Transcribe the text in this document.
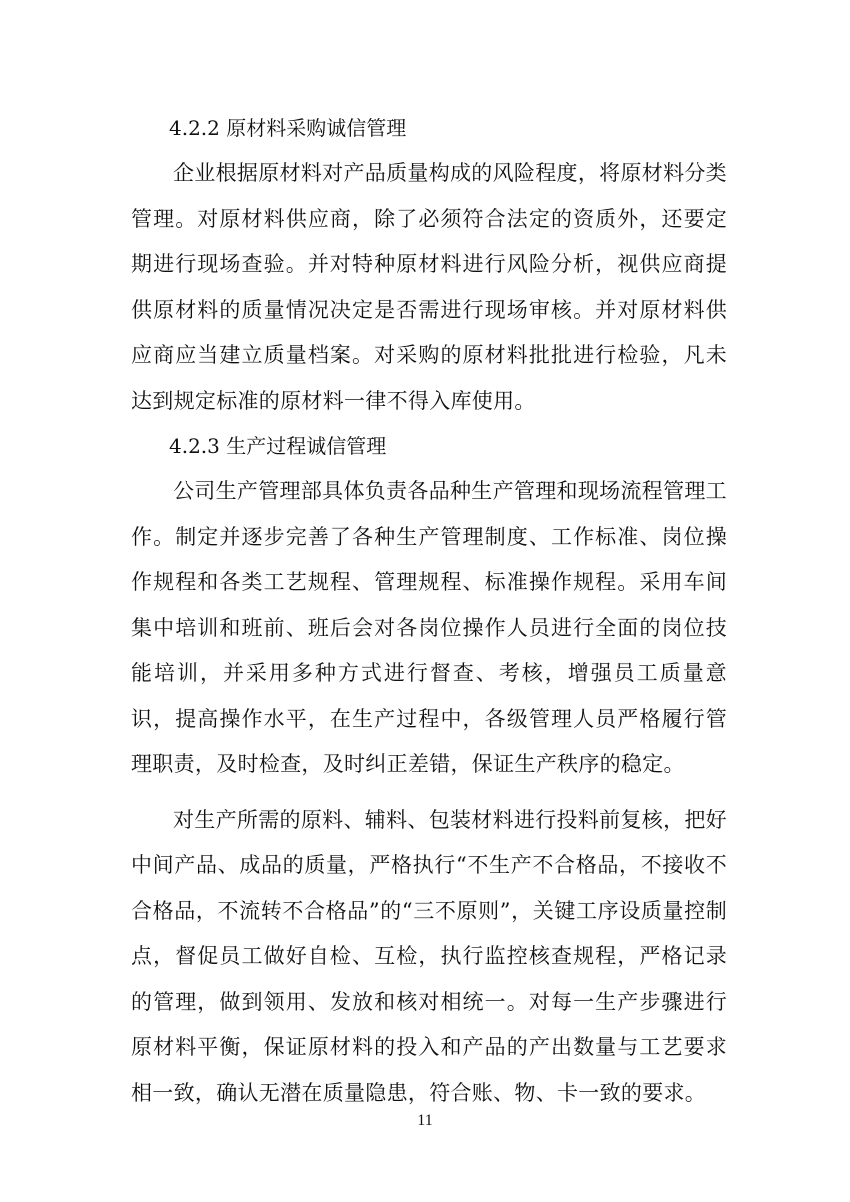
4.2.2 原材料采购诚信管理

企业根据原材料对产品质量构成的风险程度，将原材料分类管理。对原材料供应商，除了必须符合法定的资质外，还要定期进行现场查验。并对特种原材料进行风险分析，视供应商提供原材料的质量情况决定是否需进行现场审核。并对原材料供应商应当建立质量档案。对采购的原材料批批进行检验，凡未达到规定标准的原材料一律不得入库使用。

4.2.3 生产过程诚信管理

公司生产管理部具体负责各品种生产管理和现场流程管理工作。制定并逐步完善了各种生产管理制度、工作标准、岗位操作规程和各类工艺规程、管理规程、标准操作规程。采用车间集中培训和班前、班后会对各岗位操作人员进行全面的岗位技能培训，并采用多种方式进行督查、考核，增强员工质量意识，提高操作水平，在生产过程中，各级管理人员严格履行管理职责，及时检查，及时纠正差错，保证生产秩序的稳定。

对生产所需的原料、辅料、包装材料进行投料前复核，把好中间产品、成品的质量，严格执行“不生产不合格品，不接收不合格品，不流转不合格品”的“三不原则”，关键工序设质量控制点，督促员工做好自检、互检，执行监控核查规程，严格记录的管理，做到领用、发放和核对相统一。对每一生产步骤进行原材料平衡，保证原材料的投入和产品的产出数量与工艺要求相一致，确认无潜在质量隐患，符合账、物、卡一致的要求。

11
